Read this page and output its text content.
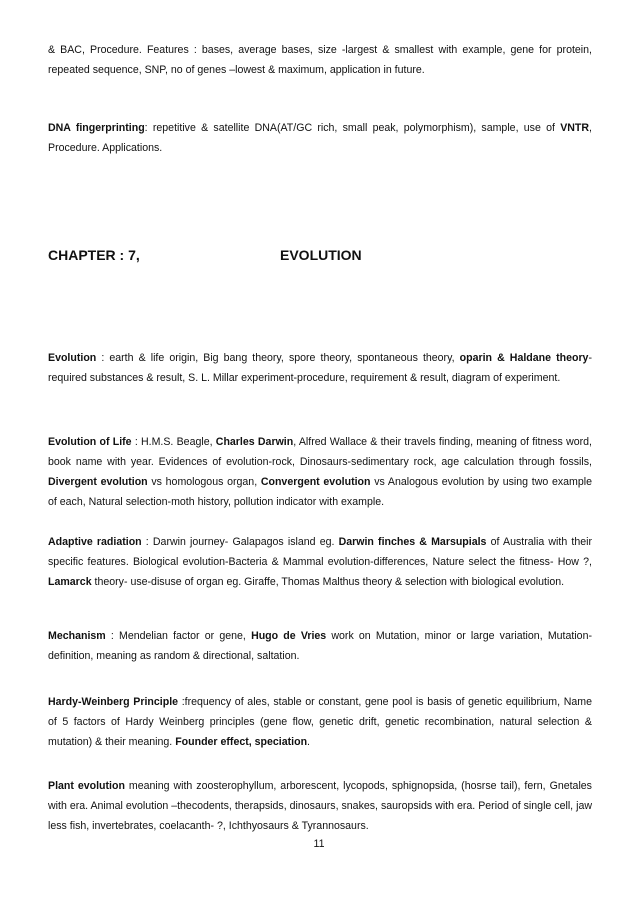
& BAC, Procedure. Features : bases, average bases, size -largest & smallest with example, gene for protein, repeated sequence, SNP, no of genes –lowest & maximum, application in future.

DNA fingerprinting: repetitive & satellite DNA(AT/GC rich, small peak, polymorphism), sample, use of VNTR, Procedure. Applications.

CHAPTER : 7,	EVOLUTION

Evolution : earth & life origin, Big bang theory, spore theory, spontaneous theory, oparin & Haldane theory-required substances & result, S. L. Millar experiment-procedure, requirement & result, diagram of experiment.

Evolution of Life : H.M.S. Beagle, Charles Darwin, Alfred Wallace & their travels finding, meaning of fitness word, book name with year. Evidences of evolution-rock, Dinosaurs-sedimentary rock, age calculation through fossils, Divergent evolution vs homologous organ, Convergent evolution vs Analogous evolution by using two example of each, Natural selection-moth history, pollution indicator with example.

Adaptive radiation : Darwin journey- Galapagos island eg. Darwin finches & Marsupials of Australia with their specific features. Biological evolution-Bacteria & Mammal evolution-differences, Nature select the fitness- How ?, Lamarck theory- use-disuse of organ eg. Giraffe, Thomas Malthus theory & selection with biological evolution.

Mechanism : Mendelian factor or gene, Hugo de Vries work on Mutation, minor or large variation, Mutation-definition, meaning as random & directional, saltation.

Hardy-Weinberg Principle :frequency of ales, stable or constant, gene pool is basis of genetic equilibrium, Name of 5 factors of Hardy Weinberg principles (gene flow, genetic drift, genetic recombination, natural selection & mutation) & their meaning. Founder effect, speciation.

Plant evolution meaning with zoosterophyllum, arborescent, lycopods, sphignopsida, (hosrse tail), fern, Gnetales with era. Animal evolution –thecodents, therapsids, dinosaurs, snakes, sauropsids with era. Period of single cell, jaw less fish, invertebrates, coelacanth- ?, Ichthyosaurs & Tyrannosaurs.

11
